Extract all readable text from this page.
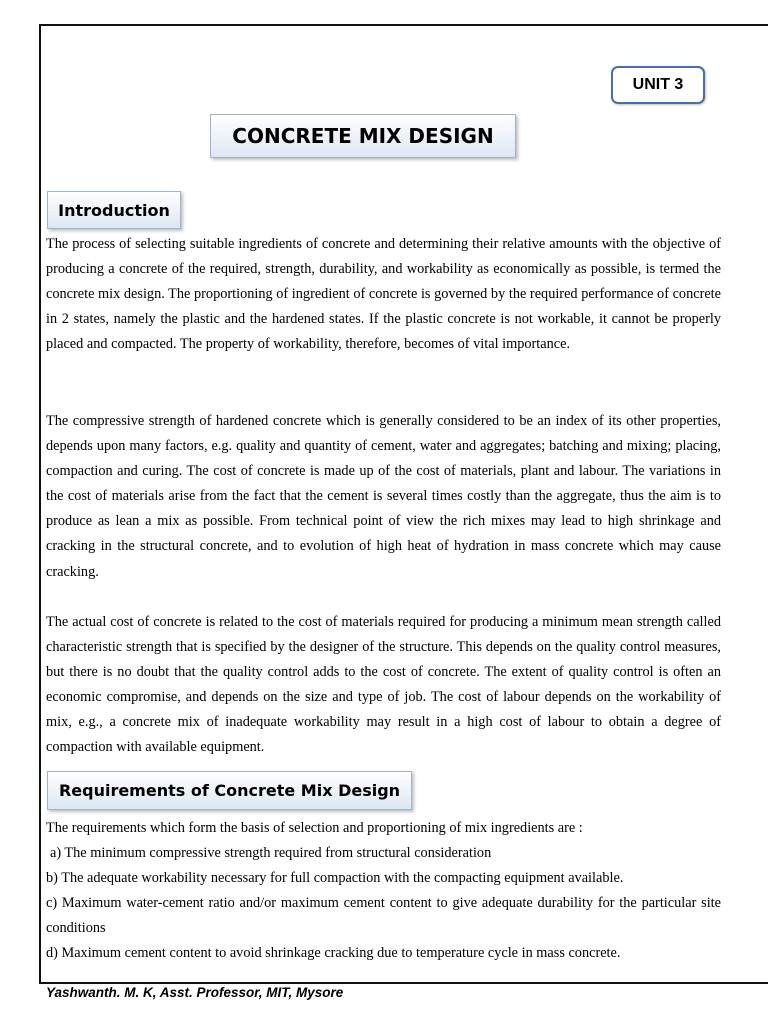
UNIT 3
CONCRETE MIX DESIGN
Introduction

The process of selecting suitable ingredients of concrete and determining their relative amounts with the objective of producing a concrete of the required, strength, durability, and workability as economically as possible, is termed the concrete mix design. The proportioning of ingredient of concrete is governed by the required performance of concrete in 2 states, namely the plastic and the hardened states. If the plastic concrete is not workable, it cannot be properly placed and compacted. The property of workability, therefore, becomes of vital importance.

The compressive strength of hardened concrete which is generally considered to be an index of its other properties, depends upon many factors, e.g. quality and quantity of cement, water and aggregates; batching and mixing; placing, compaction and curing. The cost of concrete is made up of the cost of materials, plant and labour. The variations in the cost of materials arise from the fact that the cement is several times costly than the aggregate, thus the aim is to produce as lean a mix as possible. From technical point of view the rich mixes may lead to high shrinkage and cracking in the structural concrete, and to evolution of high heat of hydration in mass concrete which may cause cracking.

The actual cost of concrete is related to the cost of materials required for producing a minimum mean strength called characteristic strength that is specified by the designer of the structure. This depends on the quality control measures, but there is no doubt that the quality control adds to the cost of concrete. The extent of quality control is often an economic compromise, and depends on the size and type of job. The cost of labour depends on the workability of mix, e.g., a concrete mix of inadequate workability may result in a high cost of labour to obtain a degree of compaction with available equipment.

Requirements of Concrete Mix Design

The requirements which form the basis of selection and proportioning of mix ingredients are :

a) The minimum compressive strength required from structural consideration

b) The adequate workability necessary for full compaction with the compacting equipment available.

c) Maximum water-cement ratio and/or maximum cement content to give adequate durability for the particular site conditions

d) Maximum cement content to avoid shrinkage cracking due to temperature cycle in mass concrete.

Yashwanth. M. K, Asst. Professor, MIT, Mysore
